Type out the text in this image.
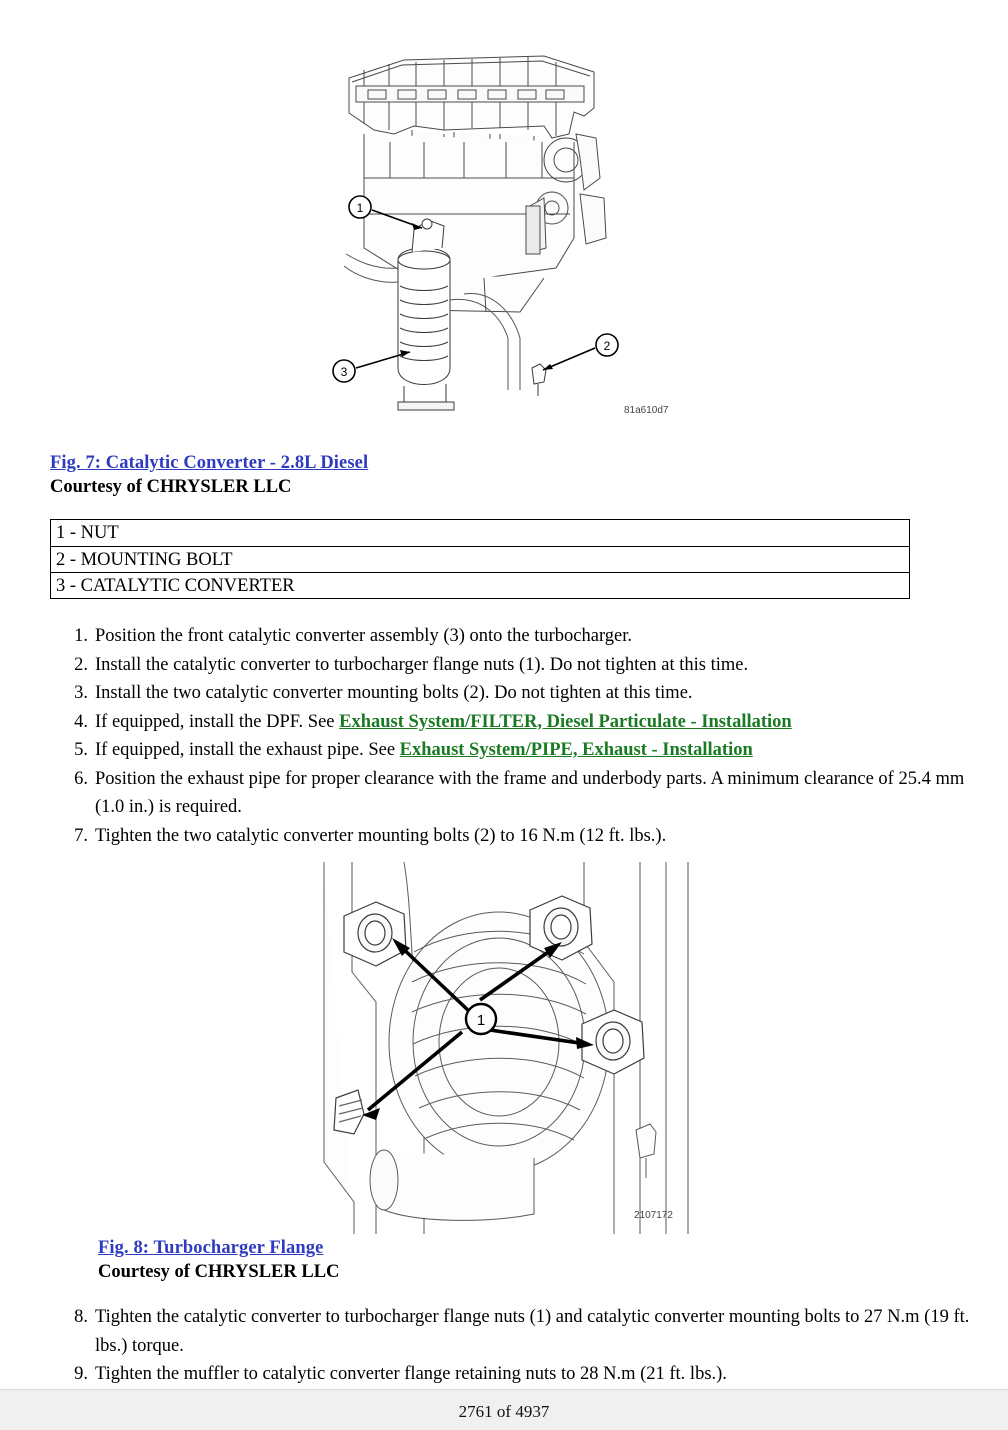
1
2
3
81a610d7
Fig. 7: Catalytic Converter - 2.8L Diesel
Courtesy of CHRYSLER LLC
1 - NUT
2 - MOUNTING BOLT
3 - CATALYTIC CONVERTER
1. Position the front catalytic converter assembly (3) onto the turbocharger.
2. Install the catalytic converter to turbocharger flange nuts (1). Do not tighten at this time.
3. Install the two catalytic converter mounting bolts (2). Do not tighten at this time.
4. If equipped, install the DPF. See Exhaust System/FILTER, Diesel Particulate - Installation
5. If equipped, install the exhaust pipe. See Exhaust System/PIPE, Exhaust - Installation
6. Position the exhaust pipe for proper clearance with the frame and underbody parts. A minimum clearance of 25.4 mm (1.0 in.) is required.
7. Tighten the two catalytic converter mounting bolts (2) to 16 N.m (12 ft. lbs.).
1
2107172
Fig. 8: Turbocharger Flange
Courtesy of CHRYSLER LLC
8. Tighten the catalytic converter to turbocharger flange nuts (1) and catalytic converter mounting bolts to 27 N.m (19 ft. lbs.) torque.
9. Tighten the muffler to catalytic converter flange retaining nuts to 28 N.m (21 ft. lbs.).
2761 of 4937
